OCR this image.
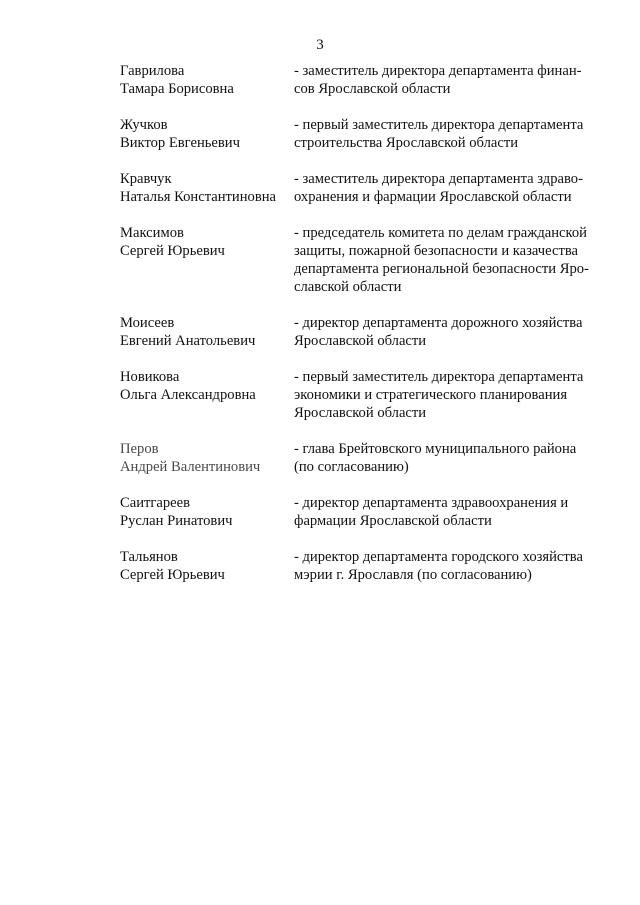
3
Гаврилова
Тамара Борисовна
- заместитель директора департамента финан-
сов Ярославской области
Жучков
Виктор Евгеньевич
- первый заместитель директора департамента
строительства Ярославской области
Кравчук
Наталья Константиновна
- заместитель директора департамента здраво-
охранения и фармации Ярославской области
Максимов
Сергей Юрьевич
- председатель комитета по делам гражданской
защиты, пожарной безопасности и казачества
департамента региональной безопасности Яро-
славской области
Моисеев
Евгений Анатольевич
- директор департамента дорожного хозяйства
Ярославской области
Новикова
Ольга Александровна
- первый заместитель директора департамента
экономики и стратегического планирования
Ярославской области
Перов
Андрей Валентинович
- глава Брейтовского муниципального района
(по согласованию)
Саитгареев
Руслан Ринатович
- директор департамента здравоохранения и
фармации Ярославской области
Тальянов
Сергей Юрьевич
- директор департамента городского хозяйства
мэрии г. Ярославля (по согласованию)
